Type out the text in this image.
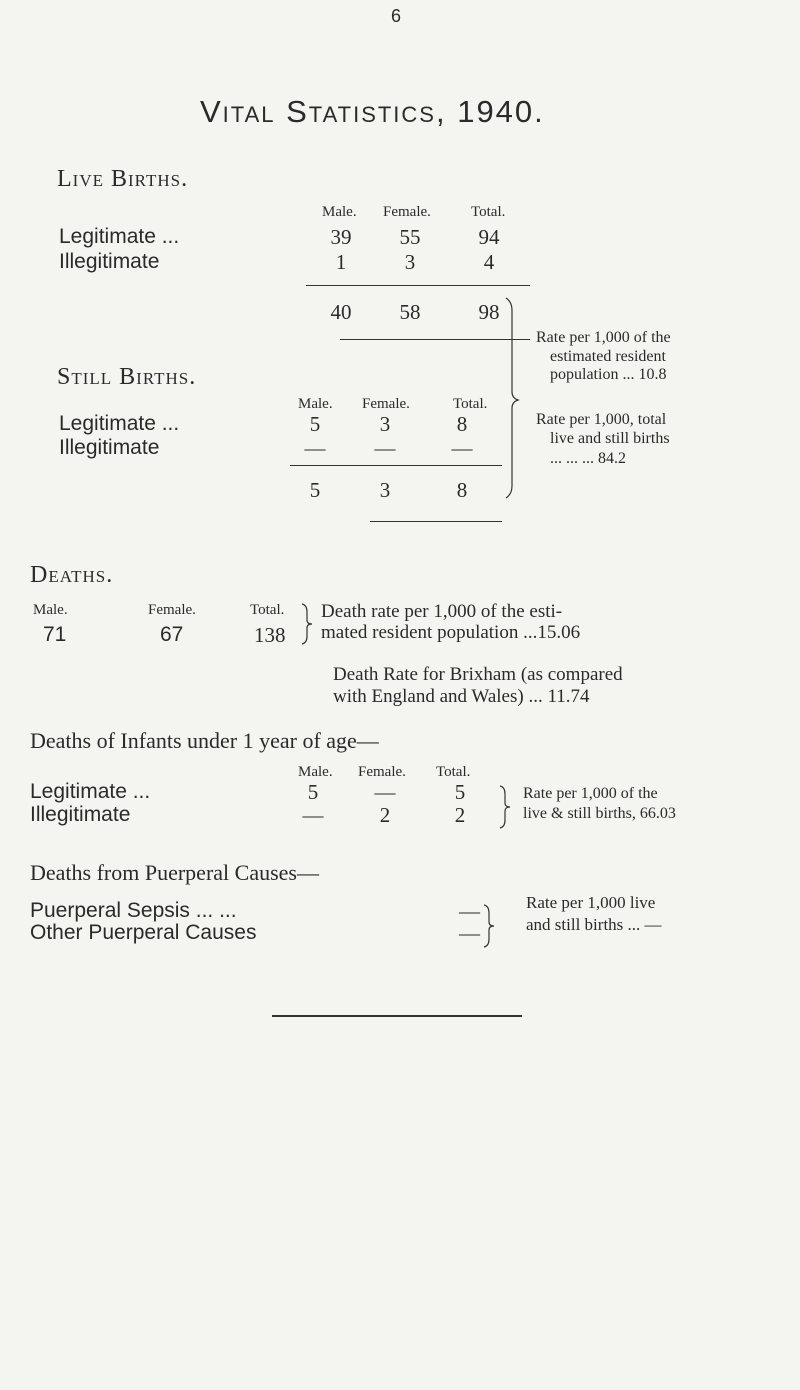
6
Vital Statistics, 1940.
Live Births.
Male. Female.	Total.
Legitimate ...	39	55	94
Illegitimate	1	3	4
40	58	98
Still Births.
Male. Female.	Total.
Legitimate ...	5	3	8
Illegitimate	—	—	—
5	3	8
Rate per 1,000 of the
estimated resident
population ... 10.8
Rate per 1,000, total
live and still births
... ... ... 84.2
Deaths.
Male.	Female.	Total.
71	67	138
Death rate per 1,000 of the esti-
mated resident population ...15.06
Death Rate for Brixham (as compared
with England and Wales) ... 11.74
Deaths of Infants under 1 year of age—
Male. Female. Total.
Legitimate ...	5	—	5
Illegitimate	—	2	2
Rate per 1,000 of the
live & still births, 66.03
Deaths from Puerperal Causes—
Puerperal Sepsis ... ...	—
Other Puerperal Causes	—
Rate per 1,000 live
and still births ... —
